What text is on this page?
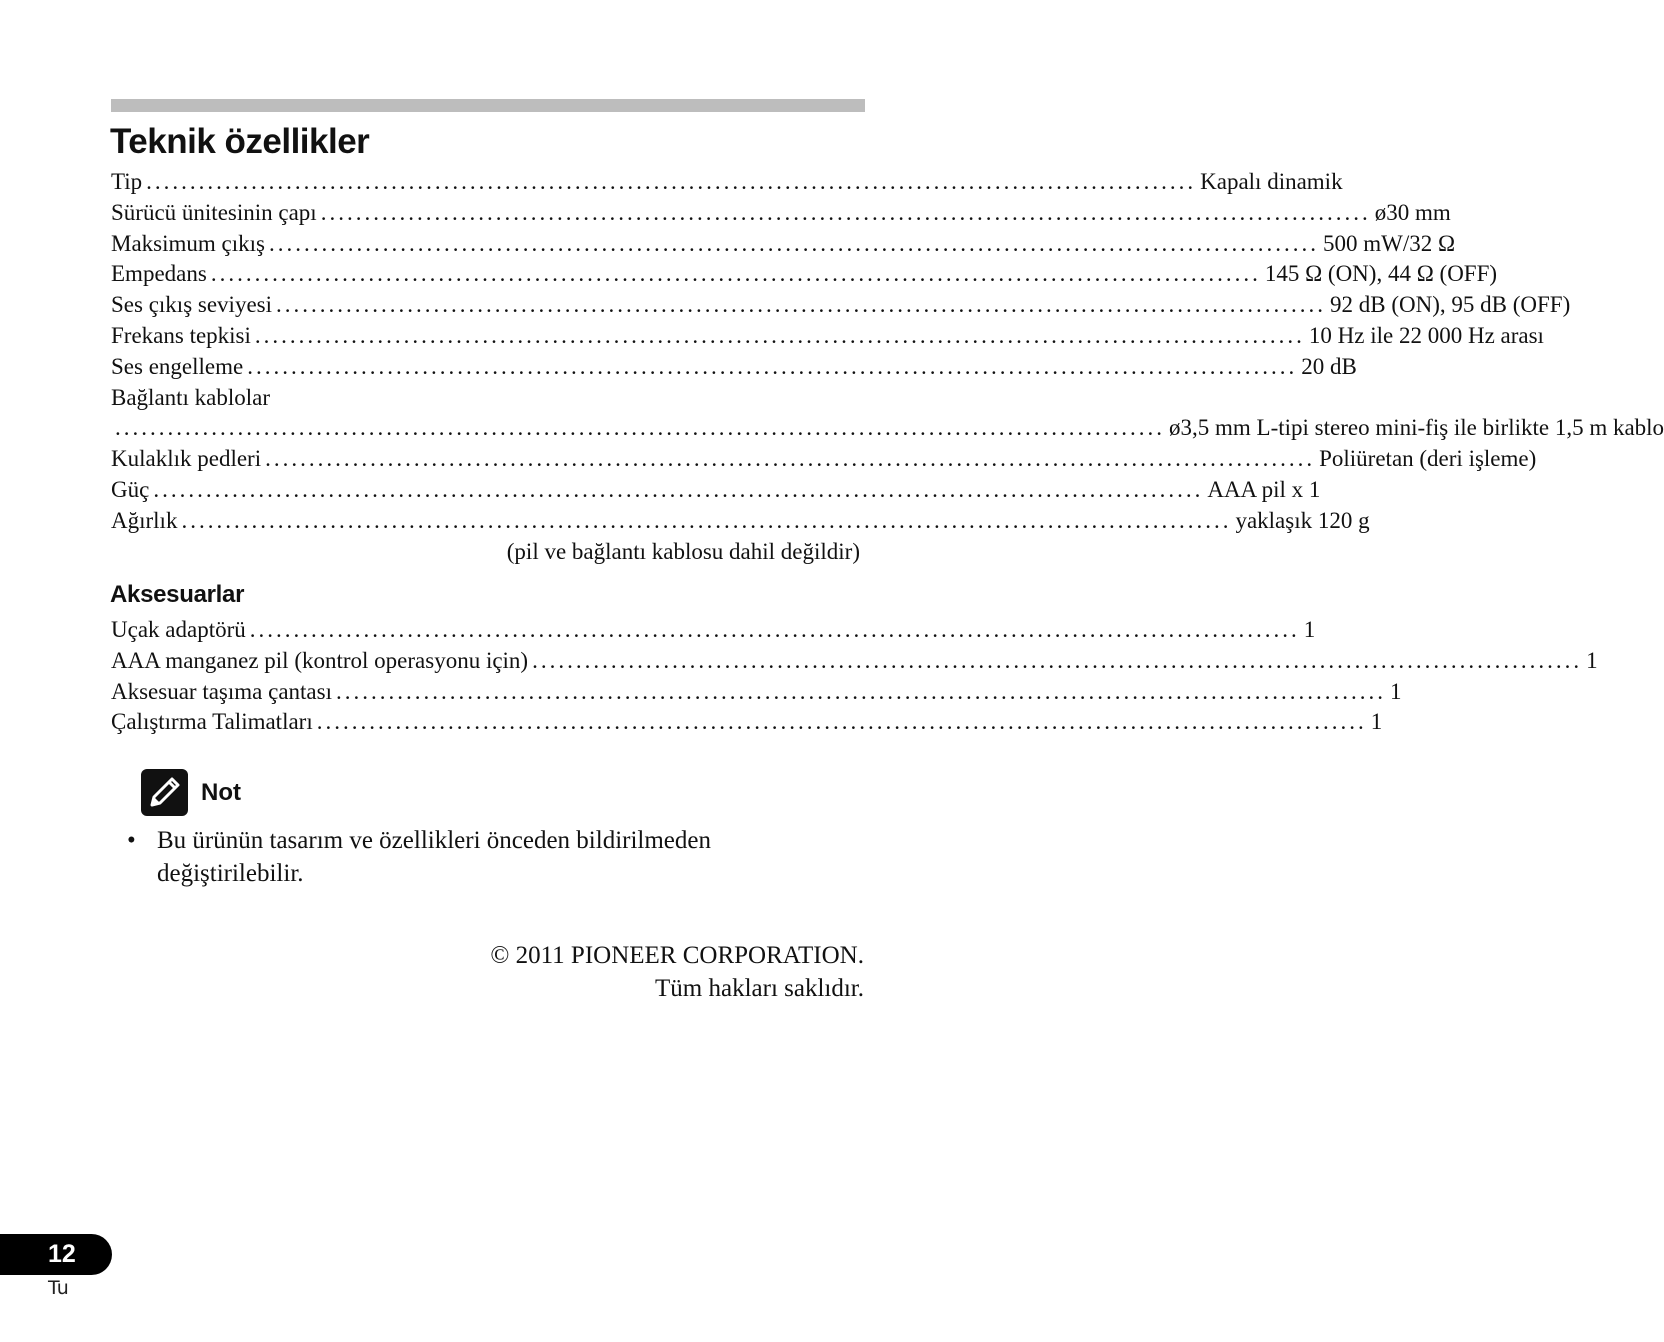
Teknik özellikler
Tip ........................................................................................................................ Kapalı dinamik
Sürücü ünitesinin çapı ........................................................................................................................ ø30 mm
Maksimum çıkış ........................................................................................................................ 500 mW/32 Ω
Empedans ........................................................................................................................ 145 Ω (ON), 44 Ω (OFF)
Ses çıkış seviyesi ........................................................................................................................ 92 dB (ON), 95 dB (OFF)
Frekans tepkisi ........................................................................................................................ 10 Hz ile 22 000 Hz arası
Ses engelleme ........................................................................................................................ 20 dB
Bağlantı kablolar
........................................................................................................................ ø3,5 mm L-tipi stereo mini-fiş ile birlikte 1,5 m kablo
Kulaklık pedleri ........................................................................................................................ Poliüretan (deri işleme)
Güç ........................................................................................................................ AAA pil x 1
Ağırlık ........................................................................................................................ yaklaşık 120 g
(pil ve bağlantı kablosu dahil değildir)
Aksesuarlar
Uçak adaptörü ........................................................................................................................ 1
AAA manganez pil (kontrol operasyonu için) ........................................................................................................................ 1
Aksesuar taşıma çantası ........................................................................................................................ 1
Çalıştırma Talimatları ........................................................................................................................ 1
Not
• Bu ürünün tasarım ve özellikleri önceden bildirilmeden değiştirilebilir.
© 2011 PIONEER CORPORATION.
Tüm hakları saklıdır.
12
Tu
